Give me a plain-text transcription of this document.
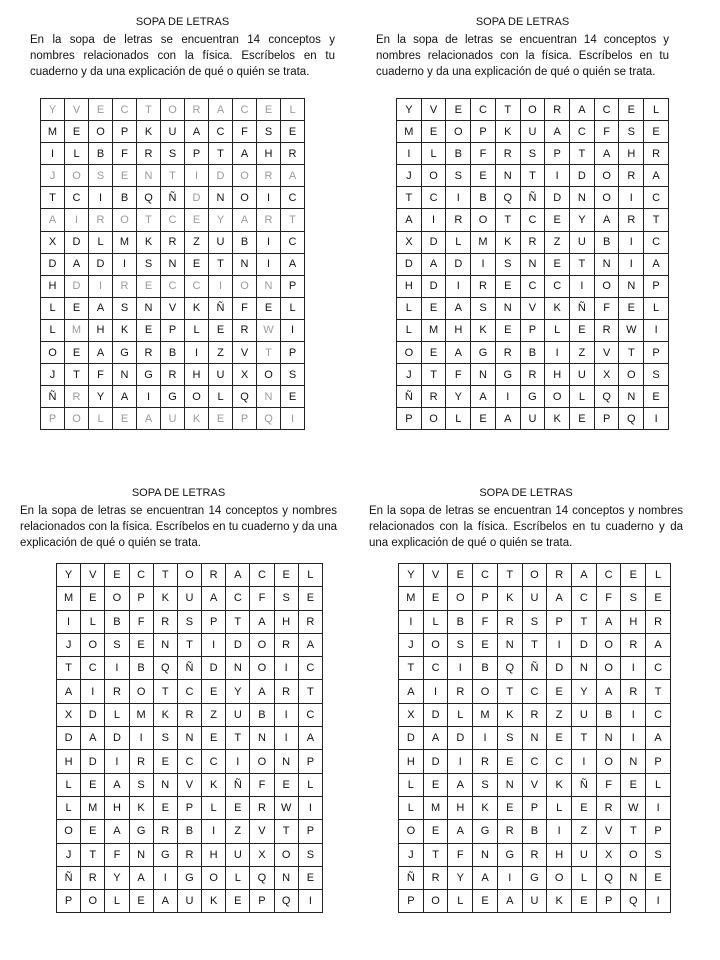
SOPA DE LETRAS
En la sopa de letras se encuentran 14 conceptos y nombres relacionados con la física. Escríbelos en tu cuaderno y da una explicación de qué o quién se trata.
Y	V	E	C	T	O	R	A	C	E	L
M	E	O	P	K	U	A	C	F	S	E
I	L	B	F	R	S	P	T	A	H	R
J	O	S	E	N	T	I	D	O	R	A
T	C	I	B	Q	Ñ	D	N	O	I	C
A	I	R	O	T	C	E	Y	A	R	T
X	D	L	M	K	R	Z	U	B	I	C
D	A	D	I	S	N	E	T	N	I	A
H	D	I	R	E	C	C	I	O	N	P
L	E	A	S	N	V	K	Ñ	F	E	L
L	M	H	K	E	P	L	E	R	W	I
O	E	A	G	R	B	I	Z	V	T	P
J	T	F	N	G	R	H	U	X	O	S
Ñ	R	Y	A	I	G	O	L	Q	N	E
P	O	L	E	A	U	K	E	P	Q	I
SOPA DE LETRAS
En la sopa de letras se encuentran 14 conceptos y nombres relacionados con la física. Escríbelos en tu cuaderno y da una explicación de qué o quién se trata.
Y	V	E	C	T	O	R	A	C	E	L
M	E	O	P	K	U	A	C	F	S	E
I	L	B	F	R	S	P	T	A	H	R
J	O	S	E	N	T	I	D	O	R	A
T	C	I	B	Q	Ñ	D	N	O	I	C
A	I	R	O	T	C	E	Y	A	R	T
X	D	L	M	K	R	Z	U	B	I	C
D	A	D	I	S	N	E	T	N	I	A
H	D	I	R	E	C	C	I	O	N	P
L	E	A	S	N	V	K	Ñ	F	E	L
L	M	H	K	E	P	L	E	R	W	I
O	E	A	G	R	B	I	Z	V	T	P
J	T	F	N	G	R	H	U	X	O	S
Ñ	R	Y	A	I	G	O	L	Q	N	E
P	O	L	E	A	U	K	E	P	Q	I
SOPA DE LETRAS
En la sopa de letras se encuentran 14 conceptos y nombres relacionados con la física. Escríbelos en tu cuaderno y da una explicación de qué o quién se trata.
Y	V	E	C	T	O	R	A	C	E	L
M	E	O	P	K	U	A	C	F	S	E
I	L	B	F	R	S	P	T	A	H	R
J	O	S	E	N	T	I	D	O	R	A
T	C	I	B	Q	Ñ	D	N	O	I	C
A	I	R	O	T	C	E	Y	A	R	T
X	D	L	M	K	R	Z	U	B	I	C
D	A	D	I	S	N	E	T	N	I	A
H	D	I	R	E	C	C	I	O	N	P
L	E	A	S	N	V	K	Ñ	F	E	L
L	M	H	K	E	P	L	E	R	W	I
O	E	A	G	R	B	I	Z	V	T	P
J	T	F	N	G	R	H	U	X	O	S
Ñ	R	Y	A	I	G	O	L	Q	N	E
P	O	L	E	A	U	K	E	P	Q	I
SOPA DE LETRAS
En la sopa de letras se encuentran 14 conceptos y nombres relacionados con la física. Escríbelos en tu cuaderno y da una explicación de qué o quién se trata.
Y	V	E	C	T	O	R	A	C	E	L
M	E	O	P	K	U	A	C	F	S	E
I	L	B	F	R	S	P	T	A	H	R
J	O	S	E	N	T	I	D	O	R	A
T	C	I	B	Q	Ñ	D	N	O	I	C
A	I	R	O	T	C	E	Y	A	R	T
X	D	L	M	K	R	Z	U	B	I	C
D	A	D	I	S	N	E	T	N	I	A
H	D	I	R	E	C	C	I	O	N	P
L	E	A	S	N	V	K	Ñ	F	E	L
L	M	H	K	E	P	L	E	R	W	I
O	E	A	G	R	B	I	Z	V	T	P
J	T	F	N	G	R	H	U	X	O	S
Ñ	R	Y	A	I	G	O	L	Q	N	E
P	O	L	E	A	U	K	E	P	Q	I
